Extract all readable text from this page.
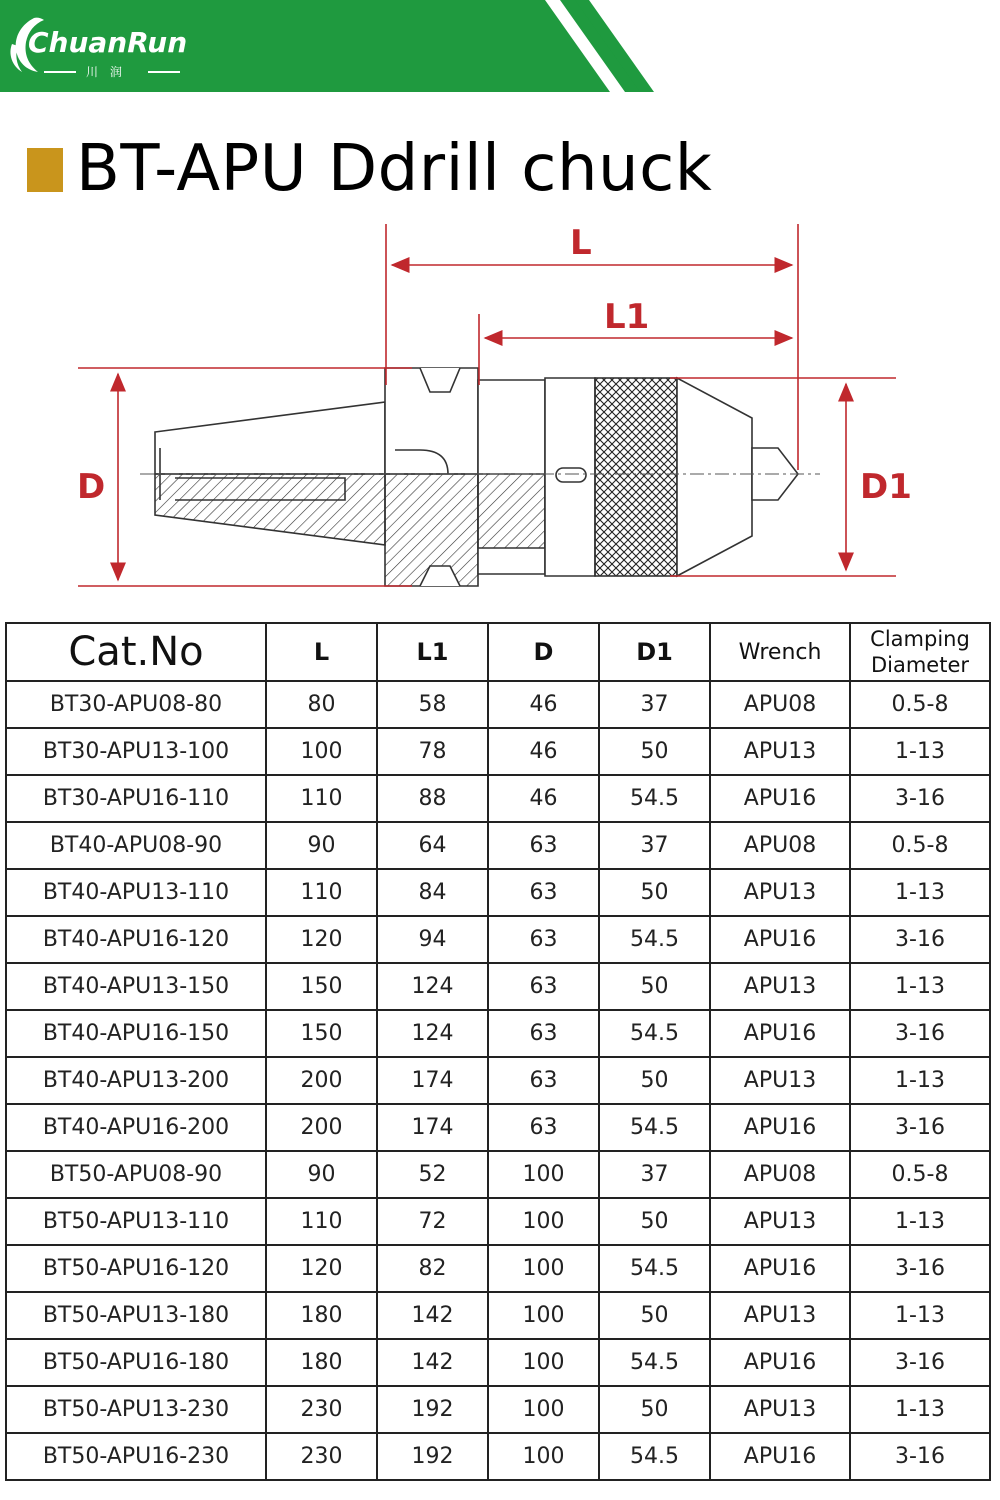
ChuanRun
川 润
BT-APU Ddrill chuck
L
L1
D	D1
Cat.No	L	L1	D	D1	Wrench	Clamping Diameter
BT30-APU08-80	80	58	46	37	APU08	0.5-8
BT30-APU13-100	100	78	46	50	APU13	1-13
BT30-APU16-110	110	88	46	54.5	APU16	3-16
BT40-APU08-90	90	64	63	37	APU08	0.5-8
BT40-APU13-110	110	84	63	50	APU13	1-13
BT40-APU16-120	120	94	63	54.5	APU16	3-16
BT40-APU13-150	150	124	63	50	APU13	1-13
BT40-APU16-150	150	124	63	54.5	APU16	3-16
BT40-APU13-200	200	174	63	50	APU13	1-13
BT40-APU16-200	200	174	63	54.5	APU16	3-16
BT50-APU08-90	90	52	100	37	APU08	0.5-8
BT50-APU13-110	110	72	100	50	APU13	1-13
BT50-APU16-120	120	82	100	54.5	APU16	3-16
BT50-APU13-180	180	142	100	50	APU13	1-13
BT50-APU16-180	180	142	100	54.5	APU16	3-16
BT50-APU13-230	230	192	100	50	APU13	1-13
BT50-APU16-230	230	192	100	54.5	APU16	3-16
